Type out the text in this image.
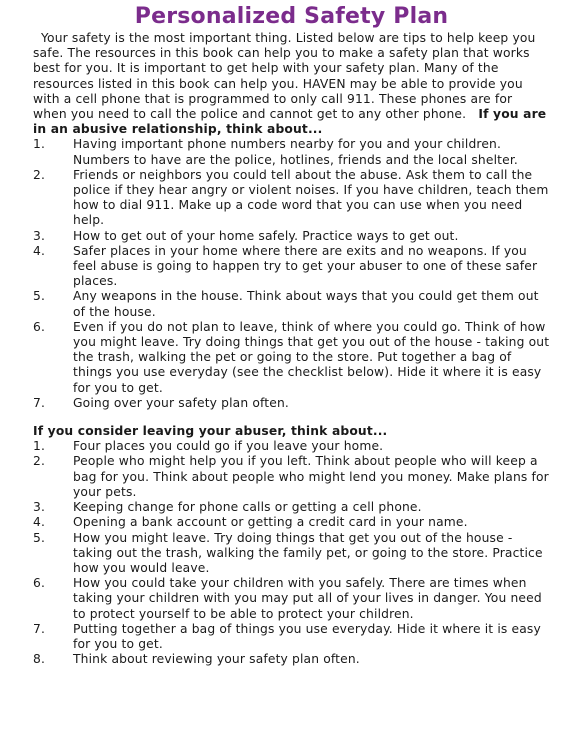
Personalized Safety Plan

Your safety is the most important thing. Listed below are tips to help keep you safe. The resources in this book can help you to make a safety plan that works best for you. It is important to get help with your safety plan. Many of the resources listed in this book can help you. HAVEN may be able to provide you with a cell phone that is programmed to only call 911. These phones are for when you need to call the police and cannot get to any other phone. If you are in an abusive relationship, think about...

1. Having important phone numbers nearby for you and your children. Numbers to have are the police, hotlines, friends and the local shelter.
2. Friends or neighbors you could tell about the abuse. Ask them to call the police if they hear angry or violent noises. If you have children, teach them how to dial 911. Make up a code word that you can use when you need help.
3. How to get out of your home safely. Practice ways to get out.
4. Safer places in your home where there are exits and no weapons. If you feel abuse is going to happen try to get your abuser to one of these safer places.
5. Any weapons in the house. Think about ways that you could get them out of the house.
6. Even if you do not plan to leave, think of where you could go. Think of how you might leave. Try doing things that get you out of the house - taking out the trash, walking the pet or going to the store. Put together a bag of things you use everyday (see the checklist below). Hide it where it is easy for you to get.
7. Going over your safety plan often.

If you consider leaving your abuser, think about...

1. Four places you could go if you leave your home.
2. People who might help you if you left. Think about people who will keep a bag for you. Think about people who might lend you money. Make plans for your pets.
3. Keeping change for phone calls or getting a cell phone.
4. Opening a bank account or getting a credit card in your name.
5. How you might leave. Try doing things that get you out of the house - taking out the trash, walking the family pet, or going to the store. Practice how you would leave.
6. How you could take your children with you safely. There are times when taking your children with you may put all of your lives in danger. You need to protect yourself to be able to protect your children.
7. Putting together a bag of things you use everyday. Hide it where it is easy for you to get.
8. Think about reviewing your safety plan often.
